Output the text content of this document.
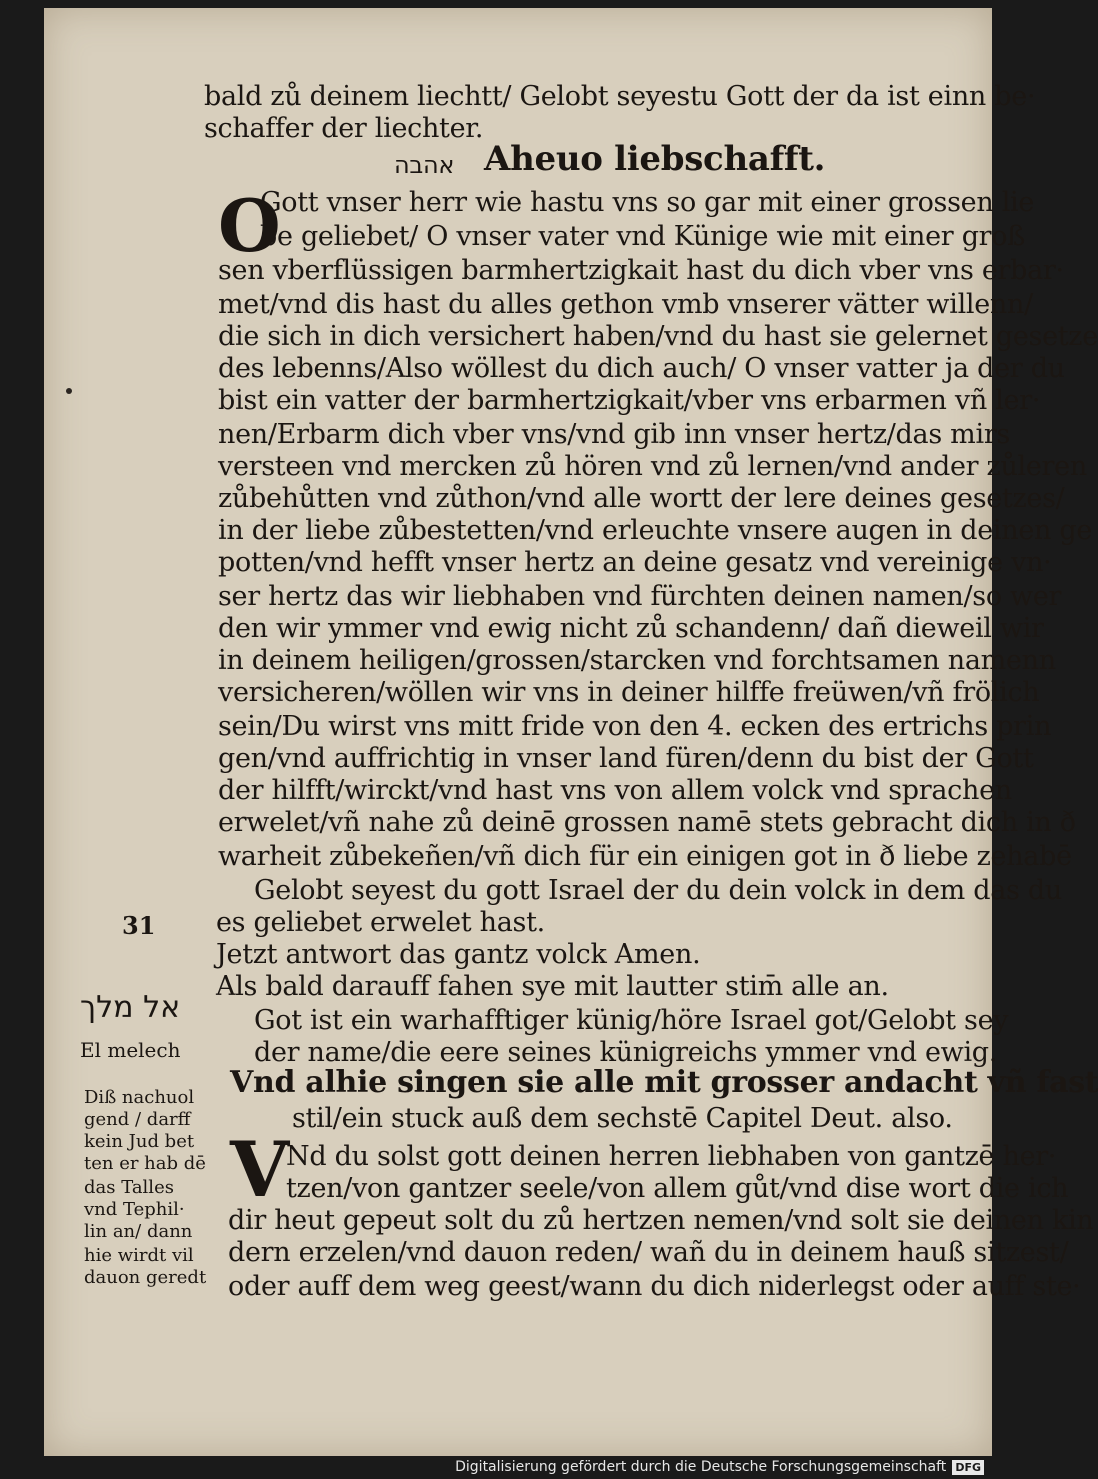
bald zů deinem liechtt/ Gelobt seyestu Gott der da ist einn be·
schaffer der liechter.
אהבה Aheuo liebschafft.
O
Gott vnser herr wie hastu vns so gar mit einer grossen lie
be geliebet/ O vnser vater vnd Künige wie mit einer groß
sen vberflüssigen barmhertzigkait hast du dich vber vns erbar·
met/vnd dis hast du alles gethon vmb vnserer vätter willenn/
die sich in dich versichert haben/vnd du hast sie gelernet gesetze
des lebenns/Also wöllest du dich auch/ O vnser vatter ja der du
bist ein vatter der barmhertzigkait/vber vns erbarmen vñ ler·
nen/Erbarm dich vber vns/vnd gib inn vnser hertz/das mirs
versteen vnd mercken zů hören vnd zů lernen/vnd ander zůleren
zůbehůtten vnd zůthon/vnd alle wortt der lere deines gesetzes/
in der liebe zůbestetten/vnd erleuchte vnsere augen in deinen ge
potten/vnd hefft vnser hertz an deine gesatz vnd vereinige vn·
ser hertz das wir liebhaben vnd fürchten deinen namen/so wer
den wir ymmer vnd ewig nicht zů schandenn/ dañ dieweil wir
in deinem heiligen/grossen/starcken vnd forchtsamen namenn
versicheren/wöllen wir vns in deiner hilffe freüwen/vñ frölich
sein/Du wirst vns mitt fride von den 4. ecken des ertrichs prin
gen/vnd auffrichtig in vnser land füren/denn du bist der Gott
der hilfft/wirckt/vnd hast vns von allem volck vnd sprachen
erwelet/vñ nahe zů deinē grossen namē stets gebracht dich in ð
warheit zůbekeñen/vñ dich für ein einigen got in ð liebe zehabē
Gelobt seyest du gott Israel der du dein volck in dem das du
es geliebet erwelet hast.
Jetzt antwort das gantz volck Amen.
Als bald darauff fahen sye mit lautter stim̄ alle an.
Got ist ein warhafftiger künig/höre Israel got/Gelobt sey
der name/die eere seines künigreichs ymmer vnd ewig.
Vnd alhie singen sie alle mit grosser andacht vñ fast
stil/ein stuck auß dem sechstē Capitel Deut. also.
V
Nd du solst gott deinen herren liebhaben von gantzē her·
tzen/von gantzer seele/von allem gůt/vnd dise wort die ich
dir heut gepeut solt du zů hertzen nemen/vnd solt sie deinen kin
dern erzelen/vnd dauon reden/ wañ du in deinem hauß sitzest/
oder auff dem weg geest/wann du dich niderlegst oder auff ste·
31
אל מלך
El melech
Diß nachuol
gend / darff
kein Jud bet
ten er hab dē
das Talles
vnd Tephil·
lin an/ dann
hie wirdt vil
dauon geredt
Digitalisierung gefördert durch die Deutsche Forschungsgemeinschaft DFG
